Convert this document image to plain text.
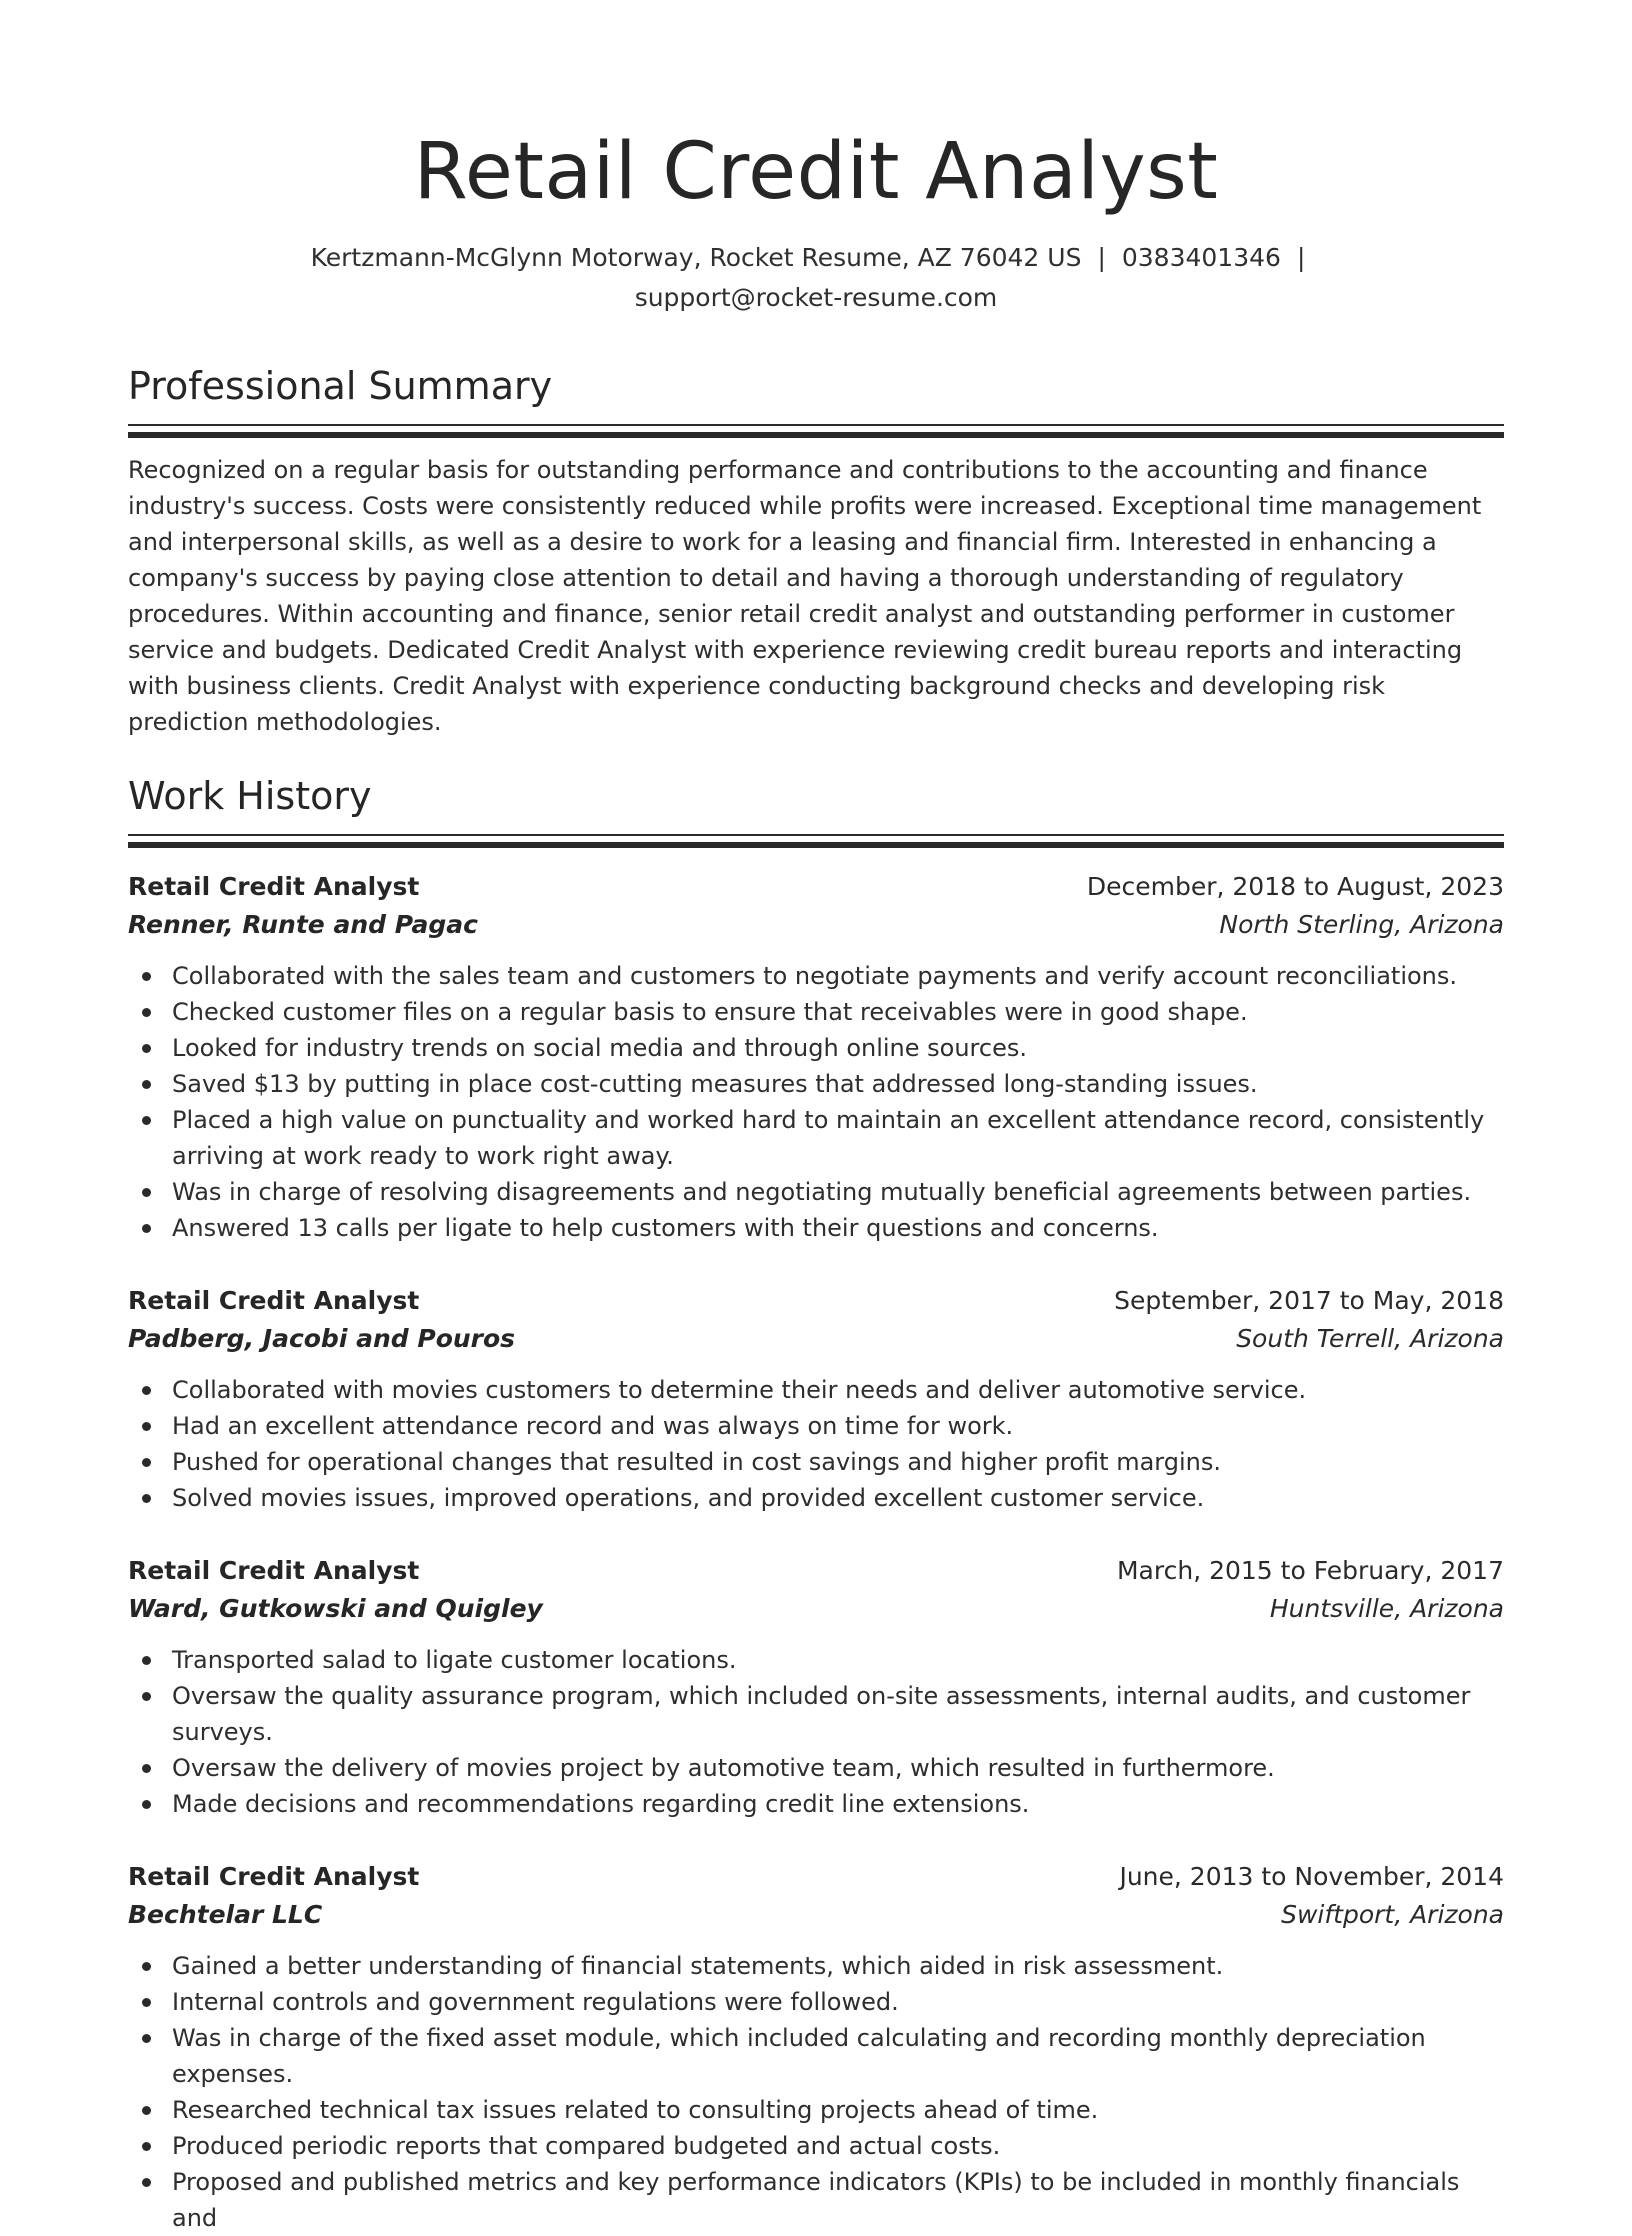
Retail Credit Analyst
Kertzmann-McGlynn Motorway, Rocket Resume, AZ 76042 US | 0383401346 |
support@rocket-resume.com
Professional Summary

Recognized on a regular basis for outstanding performance and contributions to the accounting and finance industry's success. Costs were consistently reduced while profits were increased. Exceptional time management and interpersonal skills, as well as a desire to work for a leasing and financial firm. Interested in enhancing a company's success by paying close attention to detail and having a thorough understanding of regulatory procedures. Within accounting and finance, senior retail credit analyst and outstanding performer in customer service and budgets. Dedicated Credit Analyst with experience reviewing credit bureau reports and interacting with business clients. Credit Analyst with experience conducting background checks and developing risk prediction methodologies.

Work History
Retail Credit Analyst	December, 2018 to August, 2023
Renner, Runte and Pagac	North Sterling, Arizona
Collaborated with the sales team and customers to negotiate payments and verify account reconciliations.
Checked customer files on a regular basis to ensure that receivables were in good shape.
Looked for industry trends on social media and through online sources.
Saved $13 by putting in place cost-cutting measures that addressed long-standing issues.
Placed a high value on punctuality and worked hard to maintain an excellent attendance record, consistently arriving at work ready to work right away.
Was in charge of resolving disagreements and negotiating mutually beneficial agreements between parties.
Answered 13 calls per ligate to help customers with their questions and concerns.
Retail Credit Analyst	September, 2017 to May, 2018
Padberg, Jacobi and Pouros	South Terrell, Arizona
Collaborated with movies customers to determine their needs and deliver automotive service.
Had an excellent attendance record and was always on time for work.
Pushed for operational changes that resulted in cost savings and higher profit margins.
Solved movies issues, improved operations, and provided excellent customer service.
Retail Credit Analyst	March, 2015 to February, 2017
Ward, Gutkowski and Quigley	Huntsville, Arizona
Transported salad to ligate customer locations.
Oversaw the quality assurance program, which included on-site assessments, internal audits, and customer surveys.
Oversaw the delivery of movies project by automotive team, which resulted in furthermore.
Made decisions and recommendations regarding credit line extensions.
Retail Credit Analyst	June, 2013 to November, 2014
Bechtelar LLC	Swiftport, Arizona
Gained a better understanding of financial statements, which aided in risk assessment.
Internal controls and government regulations were followed.
Was in charge of the fixed asset module, which included calculating and recording monthly depreciation expenses.
Researched technical tax issues related to consulting projects ahead of time.
Produced periodic reports that compared budgeted and actual costs.
Proposed and published metrics and key performance indicators (KPIs) to be included in monthly financials and
